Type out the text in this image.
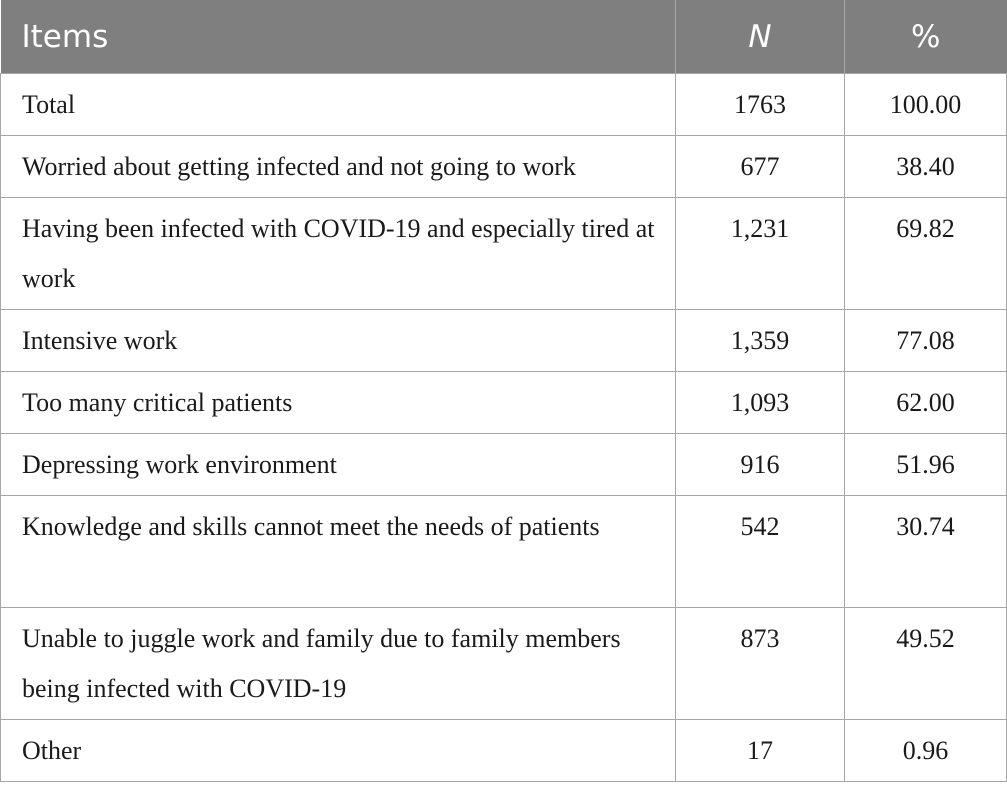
Items	N	%
Total	1763	100.00
Worried about getting infected and not going to work	677	38.40
Having been infected with COVID-19 and especially tired at work	1,231	69.82
Intensive work	1,359	77.08
Too many critical patients	1,093	62.00
Depressing work environment	916	51.96
Knowledge and skills cannot meet the needs of patients	542	30.74
Unable to juggle work and family due to family members being infected with COVID-19	873	49.52
Other	17	0.96
